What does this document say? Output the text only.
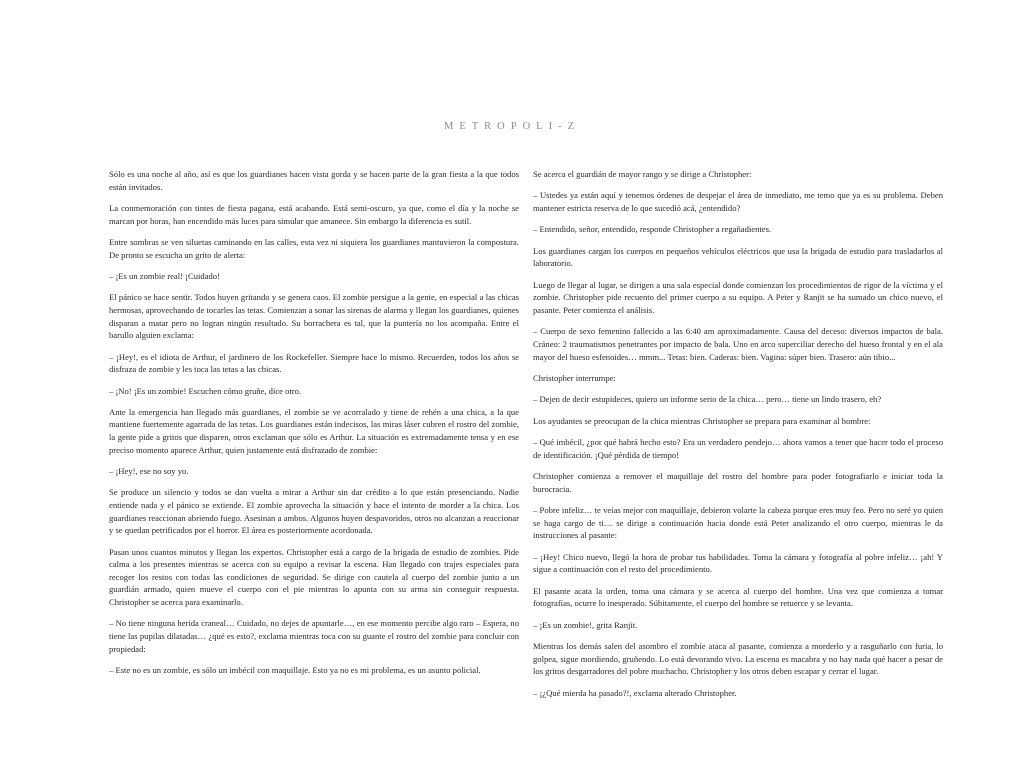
METROPOLI-Z

Sólo es una noche al año, así es que los guardianes hacen vista gorda y se hacen parte de la gran fiesta a la que todos están invitados.

La conmemoración con tintes de fiesta pagana, está acabando. Está semi-oscuro, ya que, como el día y la noche se marcan por horas, han encendido más luces para simular que amanece. Sin embargo la diferencia es sutil.

Entre sombras se ven siluetas caminando en las calles, esta vez ni siquiera los guardianes mantuvieron la compostura. De pronto se escucha un grito de alerta:

– ¡Es un zombie real! ¡Cuidado!

El pánico se hace sentir. Todos huyen gritando y se genera caos. El zombie persigue a la gente, en especial a las chicas hermosas, aprovechando de tocarles las tetas. Comienzan a sonar las sirenas de alarma y llegan los guardianes, quienes disparan a matar pero no logran ningún resultado. Su borrachera es tal, que la puntería no los acompaña. Entre el barullo alguien exclama:

– ¡Hey!, es el idiota de Arthur, el jardinero de los Rockefeller. Siempre hace lo mismo. Recuerden, todos los años se disfraza de zombie y les toca las tetas a las chicas.

– ¡No! ¡Es un zombie! Escuchen cómo gruñe, dice otro.

Ante la emergencia han llegado más guardianes, el zombie se ve acorralado y tiene de rehén a una chica, a la que mantiene fuertemente agarrada de las tetas. Los guardianes están indecisos, las miras láser cubren el rostro del zombie, la gente pide a gritos que disparen, otros exclaman que sólo es Arthur. La situación es extremadamente tensa y en ese preciso momento aparece Arthur, quien justamente está disfrazado de zombie:

– ¡Hey!, ese no soy yo.

Se produce un silencio y todos se dan vuelta a mirar a Arthur sin dar crédito a lo que están presenciando. Nadie entiende nada y el pánico se extiende. El zombie aprovecha la situación y hace el intento de morder a la chica. Los guardianes reaccionan abriendo fuego. Asesinan a ambos. Algunos huyen despavoridos, otros no alcanzan a reaccionar y se quedan petrificados por el horror. El área es posteriormente acordonada.

Pasan unos cuantos minutos y llegan los expertos. Christopher está a cargo de la brigada de estudio de zombies. Pide calma a los presentes mientras se acerca con su equipo a revisar la escena. Han llegado con trajes especiales para recoger los restos con todas las condiciones de seguridad. Se dirige con cautela al cuerpo del zombie junto a un guardián armado, quien mueve el cuerpo con el pie mientras lo apunta con su arma sin conseguir respuesta. Christopher se acerca para examinarlo.

– No tiene ninguna herida craneal… Cuidado, no dejes de apuntarle…, en ese momento percibe algo raro – Espera, no tiene las pupilas dilatadas… ¿qué es esto?, exclama mientras toca con su guante el rostro del zombie para concluir con propiedad:

– Este no es un zombie, es sólo un imbécil con maquillaje. Esto ya no es mi problema, es un asunto policial.

Se acerca el guardián de mayor rango y se dirige a Christopher:

– Ustedes ya están aquí y tenemos órdenes de despejar el área de inmediato, me temo que ya es su problema. Deben mantener estricta reserva de lo que sucedió acá, ¿entendido?

– Entendido, señor, entendido, responde Christopher a regañadientes.

Los guardianes cargan los cuerpos en pequeños vehículos eléctricos que usa la brigada de estudio para trasladarlos al laboratorio.

Luego de llegar al lugar, se dirigen a una sala especial donde comienzan los procedimientos de rigor de la víctima y el zombie. Christopher pide recuento del primer cuerpo a su equipo. A Peter y Ranjit se ha sumado un chico nuevo, el pasante. Peter comienza el análisis.

– Cuerpo de sexo femenino fallecido a las 6:40 am aproximadamente. Causa del deceso: diversos impactos de bala. Cráneo: 2 traumatismos penetrantes por impacto de bala. Uno en arco superciliar derecho del hueso frontal y en el ala mayor del hueso esfenoides… mmm... Tetas: bien. Caderas: bien. Vagina: súper bien. Trasero: aún tibio...

Christopher interrumpe:

– Dejen de decir estupideces, quiero un informe serio de la chica… pero… tiene un lindo trasero, eh?

Los ayudantes se preocupan de la chica mientras Christopher se prepara para examinar al hombre:

– Qué imbécil, ¿por qué habrá hecho esto? Era un verdadero pendejo… ahora vamos a tener que hacer todo el proceso de identificación. ¡Qué pérdida de tiempo!

Christopher comienza a remover el maquillaje del rostro del hombre para poder fotografiarlo e iniciar toda la burocracia.

– Pobre infeliz… te veías mejor con maquillaje, debieron volarte la cabeza porque eres muy feo. Pero no seré yo quien se haga cargo de ti… se dirige a continuación hacia donde está Peter analizando el otro cuerpo, mientras le da instrucciones al pasante:

– ¡Hey! Chico nuevo, llegó la hora de probar tus habilidades. Toma la cámara y fotografía al pobre infeliz… ¡ah! Y sigue a continuación con el resto del procedimiento.

El pasante acata la orden, toma una cámara y se acerca al cuerpo del hombre. Una vez que comienza a tomar fotografías, ocurre lo inesperado. Súbitamente, el cuerpo del hombre se retuerce y se levanta.

– ¡Es un zombie!, grita Ranjit.

Mientras los demás salen del asombro el zombie ataca al pasante, comienza a morderlo y a rasguñarlo con furia, lo golpea, sigue mordiendo, gruñendo. Lo está devorando vivo. La escena es macabra y no hay nada qué hacer a pesar de los gritos desgarradores del pobre muchacho. Christopher y los otros deben escapar y cerrar el lugar.

– ¡¿Qué mierda ha pasado?!, exclama alterado Christopher.
